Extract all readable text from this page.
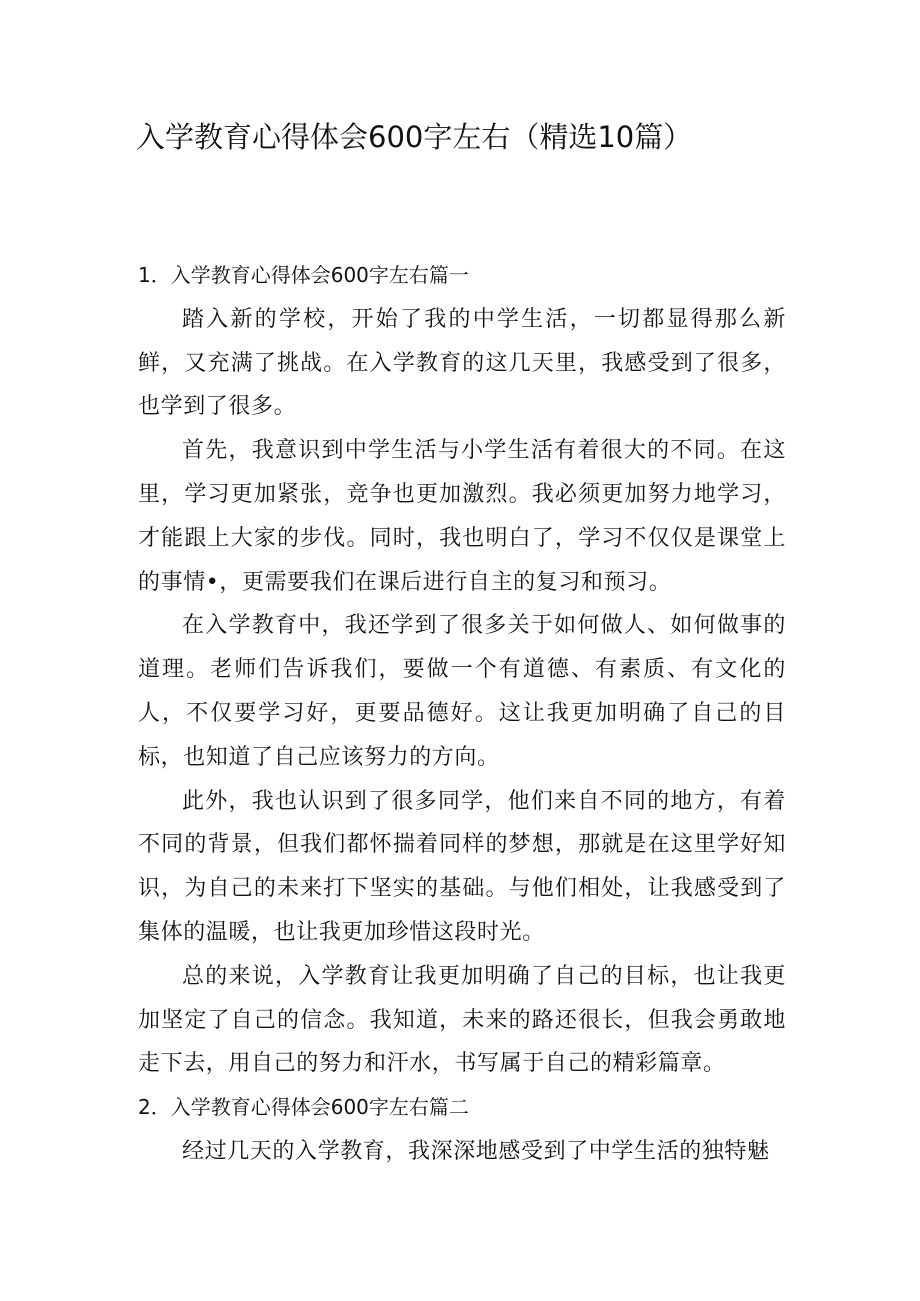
入学教育心得体会600字左右（精选10篇）

1．入学教育心得体会600字左右篇一

踏入新的学校，开始了我的中学生活，一切都显得那么新鲜，又充满了挑战。在入学教育的这几天里，我感受到了很多，也学到了很多。

首先，我意识到中学生活与小学生活有着很大的不同。在这里，学习更加紧张，竞争也更加激烈。我必须更加努力地学习，才能跟上大家的步伐。同时，我也明白了，学习不仅仅是课堂上的事情•，更需要我们在课后进行自主的复习和预习。

在入学教育中，我还学到了很多关于如何做人、如何做事的道理。老师们告诉我们，要做一个有道德、有素质、有文化的人，不仅要学习好，更要品德好。这让我更加明确了自己的目标，也知道了自己应该努力的方向。

此外，我也认识到了很多同学，他们来自不同的地方，有着不同的背景，但我们都怀揣着同样的梦想，那就是在这里学好知识，为自己的未来打下坚实的基础。与他们相处，让我感受到了集体的温暖，也让我更加珍惜这段时光。

总的来说，入学教育让我更加明确了自己的目标，也让我更加坚定了自己的信念。我知道，未来的路还很长，但我会勇敢地走下去，用自己的努力和汗水，书写属于自己的精彩篇章。

2．入学教育心得体会600字左右篇二

经过几天的入学教育，我深深地感受到了中学生活的独特魅
